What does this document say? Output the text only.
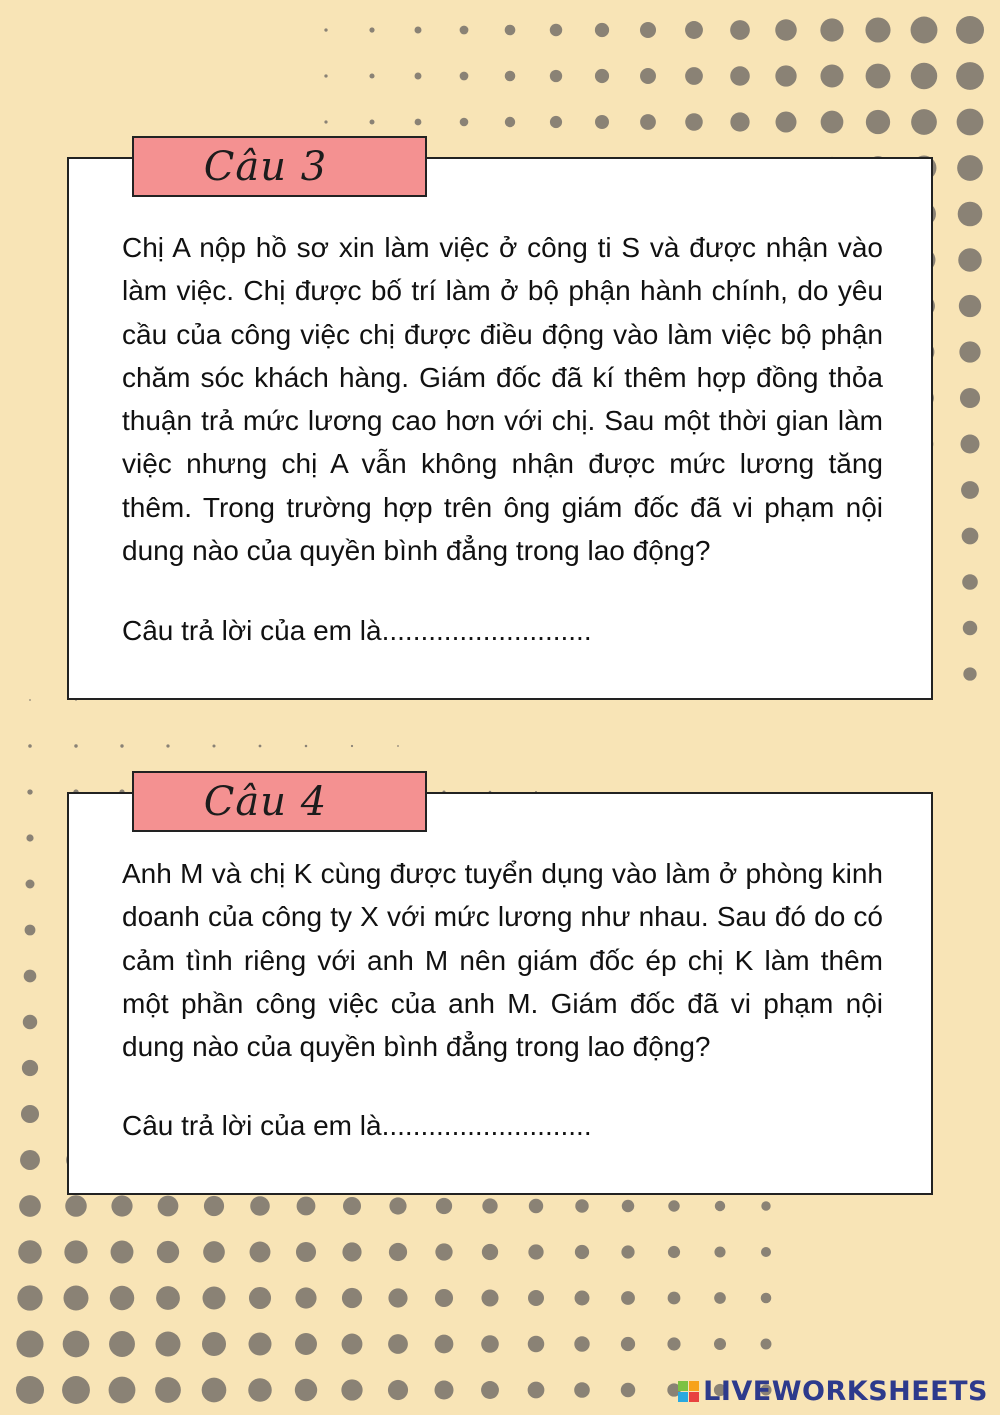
Câu 3

Chị A nộp hồ sơ xin làm việc ở công ti S và được nhận vào làm việc. Chị được bố trí làm ở bộ phận hành chính, do yêu cầu của công việc chị được điều động vào làm việc bộ phận chăm sóc khách hàng. Giám đốc đã kí thêm hợp đồng thỏa thuận trả mức lương cao hơn với chị. Sau một thời gian làm việc nhưng chị A vẫn không nhận được mức lương tăng thêm. Trong trường hợp trên ông giám đốc đã vi phạm nội dung nào của quyền bình đẳng trong lao động?

Câu trả lời của em là...........................

Câu 4

Anh M và chị K cùng được tuyển dụng vào làm ở phòng kinh doanh của công ty X với mức lương như nhau. Sau đó do có cảm tình riêng với anh M nên giám đốc ép chị K làm thêm một phần công việc của anh M. Giám đốc đã vi phạm nội dung nào của quyền bình đẳng trong lao động?

Câu trả lời của em là...........................

LIVEWORKSHEETS
